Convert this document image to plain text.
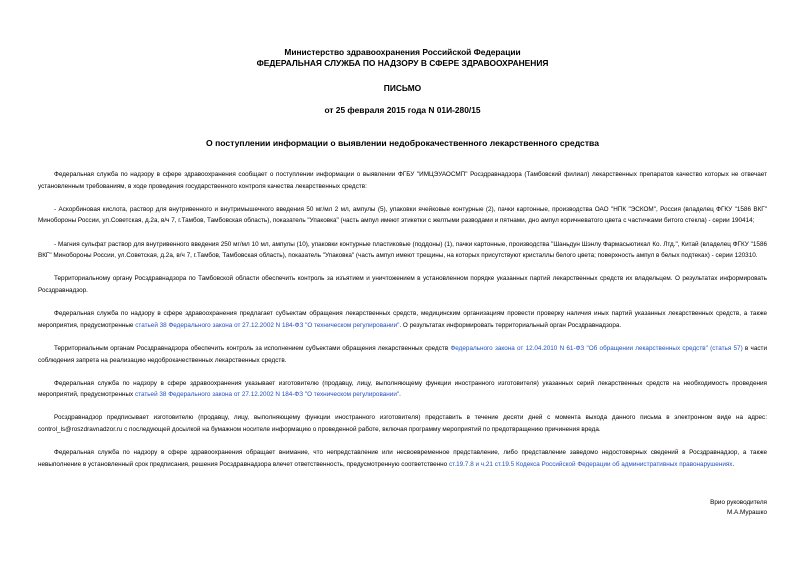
Министерство здравоохранения Российской Федерации
ФЕДЕРАЛЬНАЯ СЛУЖБА ПО НАДЗОРУ В СФЕРЕ ЗДРАВООХРАНЕНИЯ
ПИСЬМО
от 25 февраля 2015 года N 01И-280/15
О поступлении информации о выявлении недоброкачественного лекарственного средства

Федеральная служба по надзору в сфере здравоохранения сообщает о поступлении информации о выявлении ФГБУ "ИМЦЭУАОСМП" Росздравнадзора (Тамбовский филиал) лекарственных препаратов качество которых не отвечает установленным требованиям, в ходе проведения государственного контроля качества лекарственных средств:

- Аскорбиновая кислота, раствор для внутривенного и внутримышечного введения 50 мг/мл 2 мл, ампулы (5), упаковки ячейковые контурные (2), пачки картонные, производства ОАО "НПК "ЭСКОМ", Россия (владелец ФГКУ "1586 ВКГ" Минобороны России, ул.Советская, д.2а, в/ч 7, г.Тамбов, Тамбовская область), показатель "Упаковка" (часть ампул имеют этикетки с желтыми разводами и пятнами, дно ампул коричневатого цвета с частичками битого стекла) - серии 190414;

- Магния сульфат раствор для внутривенного введения 250 мг/мл 10 мл, ампулы (10), упаковки контурные пластиковые (поддоны) (1), пачки картонные, производства "Шаньдун Шэнлу Фармасьютикал Ко. Лтд.", Китай (владелец ФГКУ "1586 ВКГ" Минобороны России, ул.Советская, д.2а, в/ч 7, г.Тамбов, Тамбовская область), показатель "Упаковка" (часть ампул имеют трещины, на которых присутствуют кристаллы белого цвета; поверхность ампул в белых подтеках) - серии 120310.

Территориальному органу Росздравнадзора по Тамбовской области обеспечить контроль за изъятием и уничтожением в установленном порядке указанных партий лекарственных средств их владельцем. О результатах информировать Росздравнадзор.

Федеральная служба по надзору в сфере здравоохранения предлагает субъектам обращения лекарственных средств, медицинским организациям провести проверку наличия иных партий указанных лекарственных средств, а также мероприятия, предусмотренные статьей 38 Федерального закона от 27.12.2002 N 184-ФЗ "О техническом регулировании". О результатах информировать территориальный орган Росздравнадзора.

Территориальным органам Росздравнадзора обеспечить контроль за исполнением субъектами обращения лекарственных средств Федерального закона от 12.04.2010 N 61-ФЗ "Об обращении лекарственных средств" (статья 57) в части соблюдения запрета на реализацию недоброкачественных лекарственных средств.

Федеральная служба по надзору в сфере здравоохранения указывает изготовителю (продавцу, лицу, выполняющему функции иностранного изготовителя) указанных серий лекарственных средств на необходимость проведения мероприятий, предусмотренных статьей 38 Федерального закона от 27.12.2002 N 184-ФЗ "О техническом регулировании".

Росздравнадзор предписывает изготовителю (продавцу, лицу, выполняющему функции иностранного изготовителя) представить в течение десяти дней с момента выхода данного письма в электронном виде на адрес: control_ls@roszdravnadzor.ru с последующей досылкой на бумажном носителе информацию о проведенной работе, включая программу мероприятий по предотвращению причинения вреда.

Федеральная служба по надзору в сфере здравоохранения обращает внимание, что непредставление или несвоевременное представление, либо представление заведомо недостоверных сведений в Росздравнадзор, а также невыполнение в установленный срок предписания, решения Росздравнадзора влечет ответственность, предусмотренную соответственно ст.19.7.8 и ч.21 ст.19.5 Кодекса Российской Федерации об административных правонарушениях.

Врио руководителя
М.А.Мурашко
